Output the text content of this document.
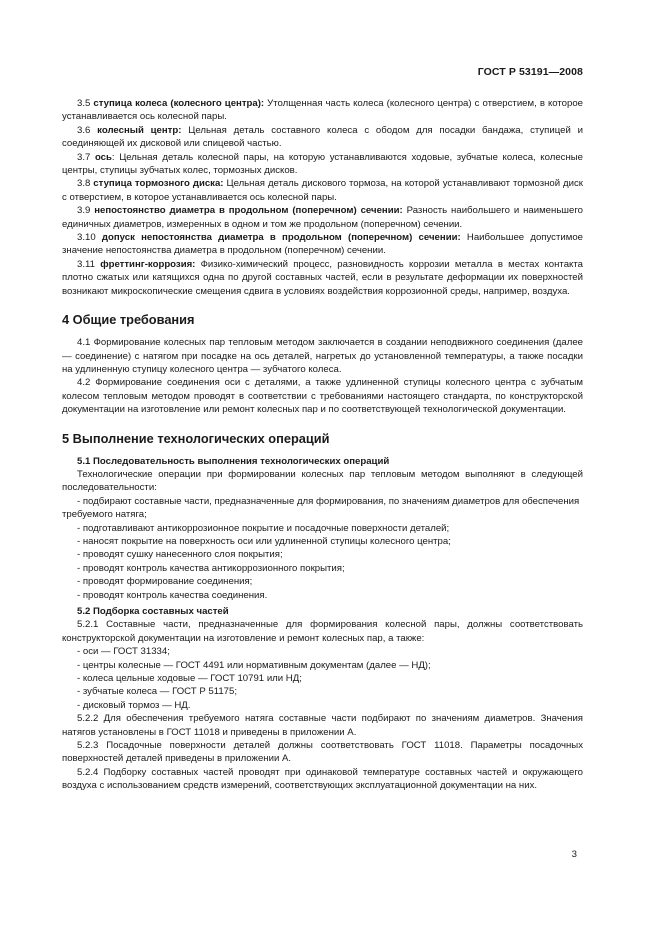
ГОСТ Р 53191—2008

3.5 ступица колеса (колесного центра): Утолщенная часть колеса (колесного центра) с отверстием, в которое устанавливается ось колесной пары.

3.6 колесный центр: Цельная деталь составного колеса с ободом для посадки бандажа, ступицей и соединяющей их дисковой или спицевой частью.

3.7 ось: Цельная деталь колесной пары, на которую устанавливаются ходовые, зубчатые колеса, колесные центры, ступицы зубчатых колес, тормозных дисков.

3.8 ступица тормозного диска: Цельная деталь дискового тормоза, на которой устанавливают тормозной диск с отверстием, в которое устанавливается ось колесной пары.

3.9 непостоянство диаметра в продольном (поперечном) сечении: Разность наибольшего и наименьшего единичных диаметров, измеренных в одном и том же продольном (поперечном) сечении.

3.10 допуск непостоянства диаметра в продольном (поперечном) сечении: Наибольшее допустимое значение непостоянства диаметра в продольном (поперечном) сечении.

3.11 фреттинг-коррозия: Физико-химический процесс, разновидность коррозии металла в местах контакта плотно сжатых или катящихся одна по другой составных частей, если в результате деформации их поверхностей возникают микроскопические смещения сдвига в условиях воздействия коррозионной среды, например, воздуха.

4 Общие требования

4.1 Формирование колесных пар тепловым методом заключается в создании неподвижного соединения (далее — соединение) с натягом при посадке на ось деталей, нагретых до установленной температуры, а также посадки на удлиненную ступицу колесного центра — зубчатого колеса.

4.2 Формирование соединения оси с деталями, а также удлиненной ступицы колесного центра с зубчатым колесом тепловым методом проводят в соответствии с требованиями настоящего стандарта, по конструкторской документации на изготовление или ремонт колесных пар и по соответствующей технологической документации.

5 Выполнение технологических операций
5.1 Последовательность выполнения технологических операций

Технологические операции при формировании колесных пар тепловым методом выполняют в следующей последовательности:

- подбирают составные части, предназначенные для формирования, по значениям диаметров для обеспечения требуемого натяга;

- подготавливают антикоррозионное покрытие и посадочные поверхности деталей;

- наносят покрытие на поверхность оси или удлиненной ступицы колесного центра;

- проводят сушку нанесенного слоя покрытия;

- проводят контроль качества антикоррозионного покрытия;

- проводят формирование соединения;

- проводят контроль качества соединения.

5.2 Подборка составных частей

5.2.1 Составные части, предназначенные для формирования колесной пары, должны соответствовать конструкторской документации на изготовление и ремонт колесных пар, а также:

- оси — ГОСТ 31334;

- центры колесные — ГОСТ 4491 или нормативным документам (далее — НД);

- колеса цельные ходовые — ГОСТ 10791 или НД;

- зубчатые колеса — ГОСТ Р 51175;

- дисковый тормоз — НД.

5.2.2 Для обеспечения требуемого натяга составные части подбирают по значениям диаметров. Значения натягов установлены в ГОСТ 11018 и приведены в приложении А.

5.2.3 Посадочные поверхности деталей должны соответствовать ГОСТ 11018. Параметры посадочных поверхностей деталей приведены в приложении А.

5.2.4 Подборку составных частей проводят при одинаковой температуре составных частей и окружающего воздуха с использованием средств измерений, соответствующих эксплуатационной документации на них.

3
